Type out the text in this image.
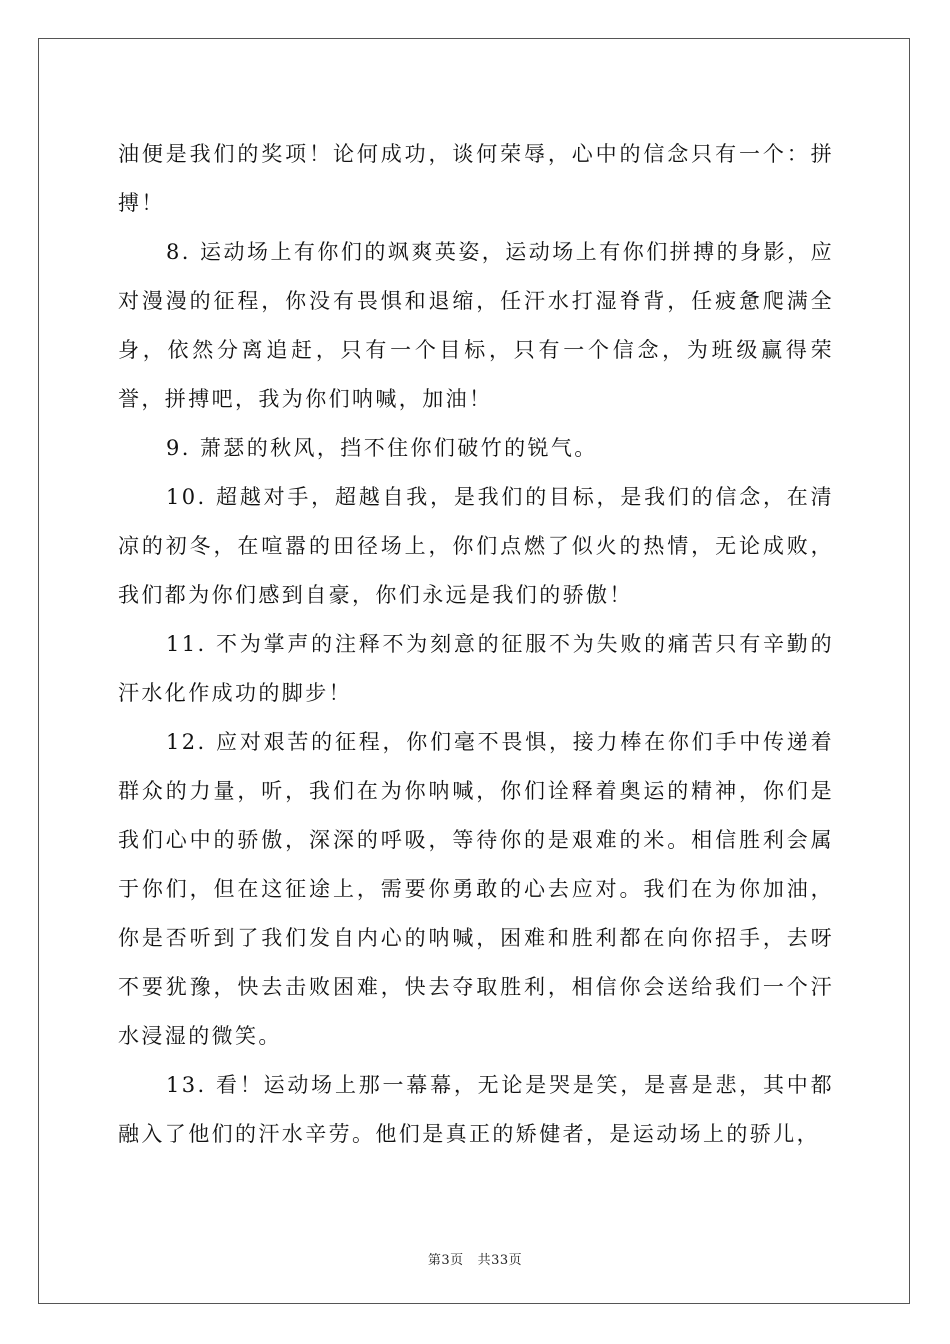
油便是我们的奖项！论何成功，谈何荣辱，心中的信念只有一个：拼搏！

8. 运动场上有你们的飒爽英姿，运动场上有你们拼搏的身影，应对漫漫的征程，你没有畏惧和退缩，任汗水打湿脊背，任疲惫爬满全身，依然分离追赶，只有一个目标，只有一个信念，为班级赢得荣誉，拼搏吧，我为你们呐喊，加油！

9. 萧瑟的秋风，挡不住你们破竹的锐气。

10. 超越对手，超越自我，是我们的目标，是我们的信念，在清凉的初冬，在喧嚣的田径场上，你们点燃了似火的热情，无论成败，我们都为你们感到自豪，你们永远是我们的骄傲！

11. 不为掌声的注释不为刻意的征服不为失败的痛苦只有辛勤的汗水化作成功的脚步！

12. 应对艰苦的征程，你们毫不畏惧，接力棒在你们手中传递着群众的力量，听，我们在为你呐喊，你们诠释着奥运的精神，你们是我们心中的骄傲，深深的呼吸，等待你的是艰难的米。相信胜利会属于你们，但在这征途上，需要你勇敢的心去应对。我们在为你加油，你是否听到了我们发自内心的呐喊，困难和胜利都在向你招手，去呀不要犹豫，快去击败困难，快去夺取胜利，相信你会送给我们一个汗水浸湿的微笑。

13. 看！运动场上那一幕幕，无论是哭是笑，是喜是悲，其中都融入了他们的汗水辛劳。他们是真正的矫健者，是运动场上的骄儿，

第3页 共33页
